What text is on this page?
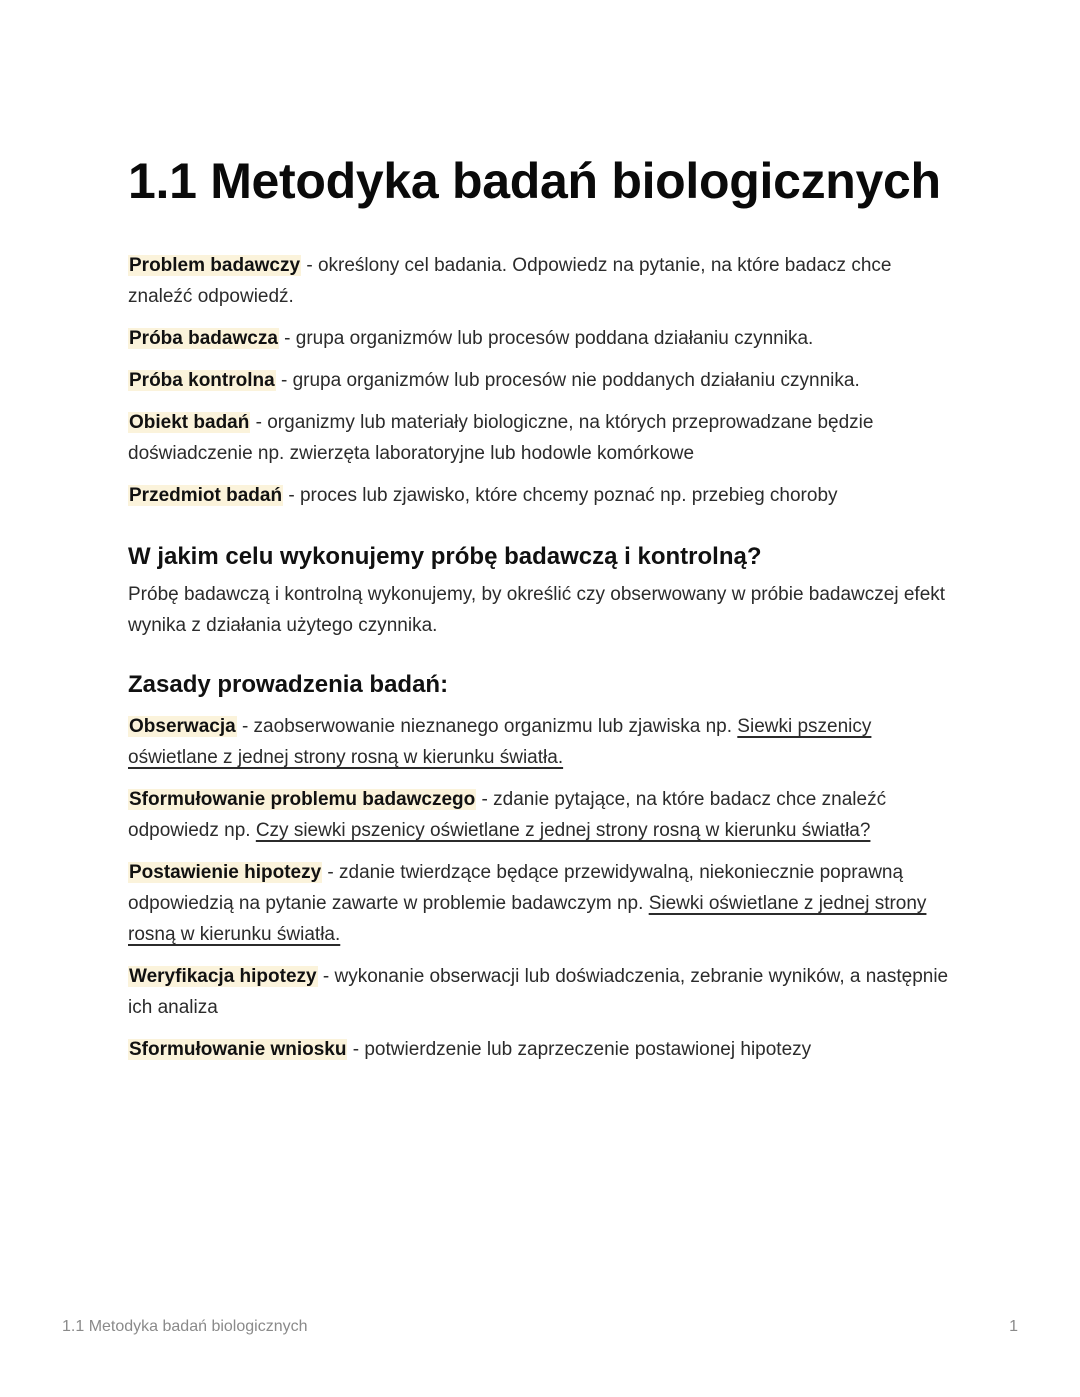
1.1 Metodyka badań biologicznych

Problem badawczy - określony cel badania. Odpowiedz na pytanie, na które badacz chce znaleźć odpowiedź.

Próba badawcza - grupa organizmów lub procesów poddana działaniu czynnika.

Próba kontrolna - grupa organizmów lub procesów nie poddanych działaniu czynnika.

Obiekt badań - organizmy lub materiały biologiczne, na których przeprowadzane będzie doświadczenie np. zwierzęta laboratoryjne lub hodowle komórkowe

Przedmiot badań - proces lub zjawisko, które chcemy poznać np. przebieg choroby

W jakim celu wykonujemy próbę badawczą i kontrolną?

Próbę badawczą i kontrolną wykonujemy, by określić czy obserwowany w próbie badawczej efekt wynika z działania użytego czynnika.

Zasady prowadzenia badań:

Obserwacja - zaobserwowanie nieznanego organizmu lub zjawiska np. Siewki pszenicy oświetlane z jednej strony rosną w kierunku światła.

Sformułowanie problemu badawczego - zdanie pytające, na które badacz chce znaleźć odpowiedz np. Czy siewki pszenicy oświetlane z jednej strony rosną w kierunku światła?

Postawienie hipotezy - zdanie twierdzące będące przewidywalną, niekoniecznie poprawną odpowiedzią na pytanie zawarte w problemie badawczym np. Siewki oświetlane z jednej strony rosną w kierunku światła.

Weryfikacja hipotezy - wykonanie obserwacji lub doświadczenia, zebranie wyników, a następnie ich analiza

Sformułowanie wniosku - potwierdzenie lub zaprzeczenie postawionej hipotezy

1.1 Metodyka badań biologicznych	1
